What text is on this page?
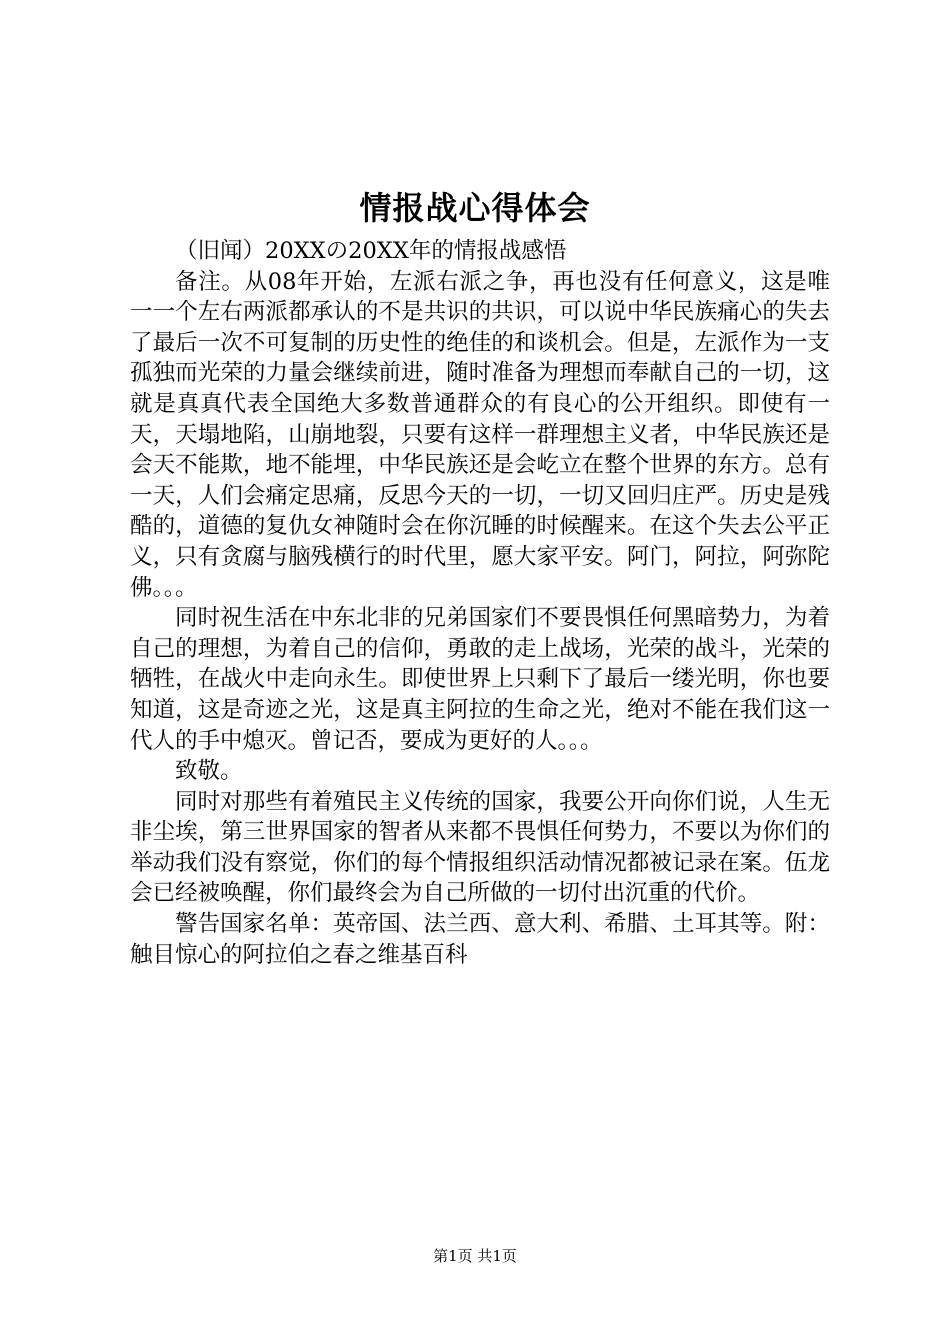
情报战心得体会

（旧闻）20XXの20XX年的情报战感悟

备注。从08年开始，左派右派之争，再也没有任何意义，这是唯一一个左右两派都承认的不是共识的共识，可以说中华民族痛心的失去了最后一次不可复制的历史性的绝佳的和谈机会。但是，左派作为一支孤独而光荣的力量会继续前进，随时准备为理想而奉献自己的一切，这就是真真代表全国绝大多数普通群众的有良心的公开组织。即使有一天，天塌地陷，山崩地裂，只要有这样一群理想主义者，中华民族还是会天不能欺，地不能埋，中华民族还是会屹立在整个世界的东方。总有一天，人们会痛定思痛，反思今天的一切，一切又回归庄严。历史是残酷的，道德的复仇女神随时会在你沉睡的时候醒来。在这个失去公平正义，只有贪腐与脑残横行的时代里，愿大家平安。阿门，阿拉，阿弥陀佛。。。

同时祝生活在中东北非的兄弟国家们不要畏惧任何黑暗势力，为着自己的理想，为着自己的信仰，勇敢的走上战场，光荣的战斗，光荣的牺牲，在战火中走向永生。即使世界上只剩下了最后一缕光明，你也要知道，这是奇迹之光，这是真主阿拉的生命之光，绝对不能在我们这一代人的手中熄灭。曾记否，要成为更好的人。。。

致敬。

同时对那些有着殖民主义传统的国家，我要公开向你们说，人生无非尘埃，第三世界国家的智者从来都不畏惧任何势力，不要以为你们的举动我们没有察觉，你们的每个情报组织活动情况都被记录在案。伍龙会已经被唤醒，你们最终会为自己所做的一切付出沉重的代价。

警告国家名单：英帝国、法兰西、意大利、希腊、土耳其等。附：触目惊心的阿拉伯之春之维基百科

第1页 共1页
